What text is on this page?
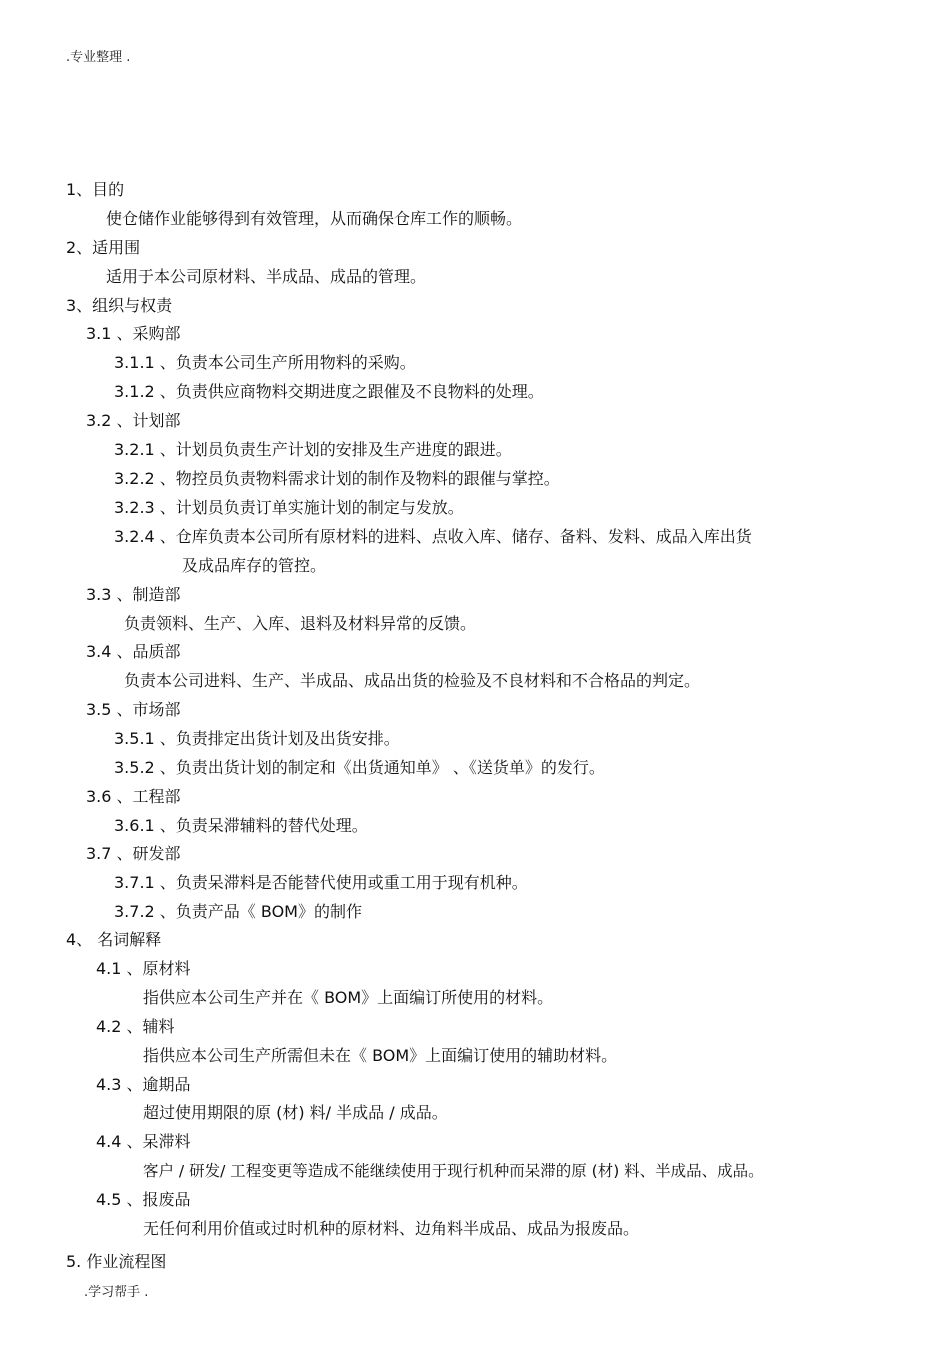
.专业整理 .
1、目的
使仓储作业能够得到有效管理，从而确保仓库工作的顺畅。
2、适用围
适用于本公司原材料、半成品、成品的管理。
3、组织与权责
3.1 、采购部
3.1.1 、负责本公司生产所用物料的采购。
3.1.2 、负责供应商物料交期进度之跟催及不良物料的处理。
3.2 、计划部
3.2.1 、计划员负责生产计划的安排及生产进度的跟进。
3.2.2 、物控员负责物料需求计划的制作及物料的跟催与掌控。
3.2.3 、计划员负责订单实施计划的制定与发放。
3.2.4 、仓库负责本公司所有原材料的进料、点收入库、储存、备料、发料、成品入库出货
及成品库存的管控。
3.3 、制造部
负责领料、生产、入库、退料及材料异常的反馈。
3.4 、品质部
负责本公司进料、生产、半成品、成品出货的检验及不良材料和不合格品的判定。
3.5 、市场部
3.5.1 、负责排定出货计划及出货安排。
3.5.2 、负责出货计划的制定和《出货通知单》 、《送货单》的发行。
3.6 、工程部
3.6.1 、负责呆滞辅料的替代处理。
3.7 、研发部
3.7.1 、负责呆滞料是否能替代使用或重工用于现有机种。
3.7.2 、负责产品《 BOM》的制作
4、 名词解释
4.1 、原材料
指供应本公司生产并在《 BOM》上面编订所使用的材料。
4.2 、辅料
指供应本公司生产所需但未在《 BOM》上面编订使用的辅助材料。
4.3 、逾期品
超过使用期限的原 (材) 料/ 半成品 / 成品。
4.4 、呆滞料
客户 / 研发/ 工程变更等造成不能继续使用于现行机种而呆滞的原 (材) 料、半成品、成品。
4.5 、报废品
无任何利用价值或过时机种的原材料、边角料半成品、成品为报废品。
5. 作业流程图
.学习帮手 .
